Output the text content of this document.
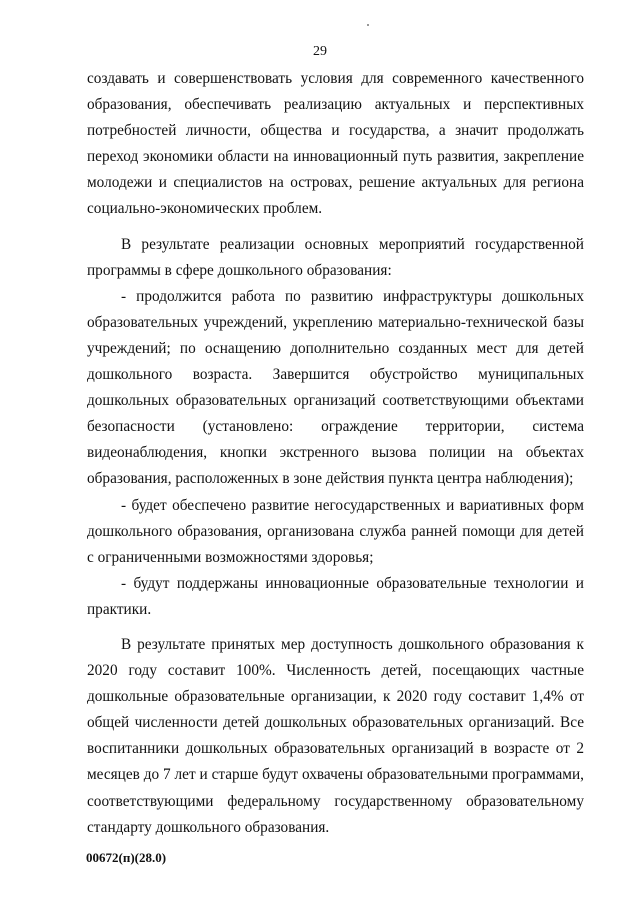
29

создавать и совершенствовать условия для современного качественного образования, обеспечивать реализацию актуальных и перспективных потребностей личности, общества и государства, а значит продолжать переход экономики области на инновационный путь развития, закрепление молодежи и специалистов на островах, решение актуальных для региона социально-экономических проблем.

В результате реализации основных мероприятий государственной программы в сфере дошкольного образования:

- продолжится работа по развитию инфраструктуры дошкольных образовательных учреждений, укреплению материально-технической базы учреждений; по оснащению дополнительно созданных мест для детей дошкольного возраста. Завершится обустройство муниципальных дошкольных образовательных организаций соответствующими объектами безопасности (установлено: ограждение территории, система видеонаблюдения, кнопки экстренного вызова полиции на объектах образования, расположенных в зоне действия пункта центра наблюдения);

- будет обеспечено развитие негосударственных и вариативных форм дошкольного образования, организована служба ранней помощи для детей с ограниченными возможностями здоровья;

- будут поддержаны инновационные образовательные технологии и практики.

В результате принятых мер доступность дошкольного образования к 2020 году составит 100%. Численность детей, посещающих частные дошкольные образовательные организации, к 2020 году составит 1,4% от общей численности детей дошкольных образовательных организаций. Все воспитанники дошкольных образовательных организаций в возрасте от 2 месяцев до 7 лет и старше будут охвачены образовательными программами, соответствующими федеральному государственному образовательному стандарту дошкольного образования.

00672(п)(28.0)
